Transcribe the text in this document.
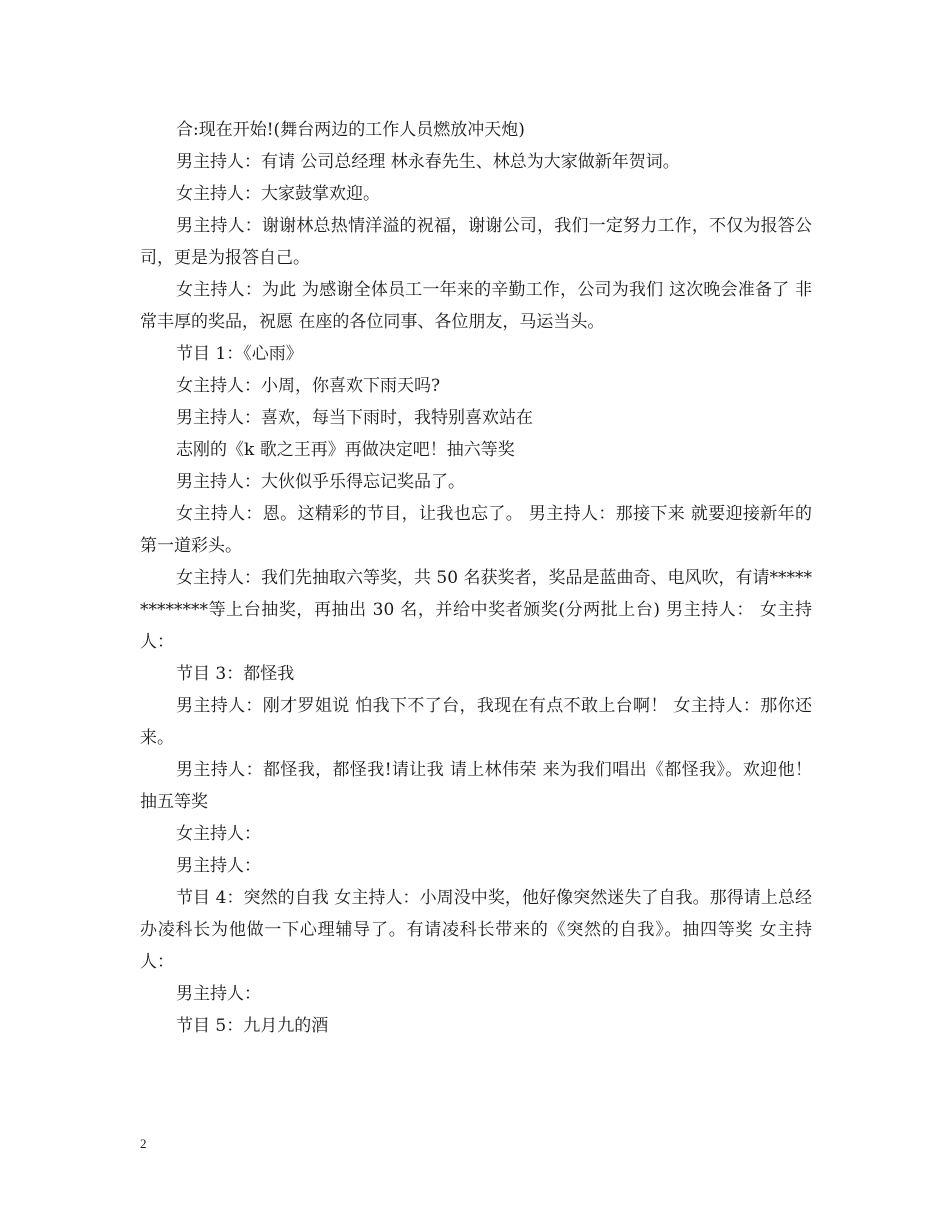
合:现在开始!(舞台两边的工作人员燃放冲天炮)

男主持人：有请 公司总经理 林永春先生、林总为大家做新年贺词。

女主持人：大家鼓掌欢迎。

男主持人：谢谢林总热情洋溢的祝福，谢谢公司，我们一定努力工作，不仅为报答公司，更是为报答自己。

女主持人：为此 为感谢全体员工一年来的辛勤工作，公司为我们 这次晚会准备了 非常丰厚的奖品，祝愿 在座的各位同事、各位朋友，马运当头。

节目 1：《心雨》

女主持人：小周，你喜欢下雨天吗?

男主持人：喜欢，每当下雨时，我特别喜欢站在

志刚的《k 歌之王再》再做决定吧！抽六等奖

男主持人：大伙似乎乐得忘记奖品了。

女主持人：恩。这精彩的节目，让我也忘了。 男主持人：那接下来 就要迎接新年的第一道彩头。

女主持人：我们先抽取六等奖，共 50 名获奖者，奖品是蓝曲奇、电风吹，有请*************等上台抽奖，再抽出 30 名，并给中奖者颁奖(分两批上台) 男主持人： 女主持人：

节目 3：都怪我

男主持人：刚才罗姐说 怕我下不了台，我现在有点不敢上台啊！ 女主持人：那你还来。

男主持人：都怪我，都怪我!请让我 请上林伟荣 来为我们唱出《都怪我》。欢迎他！抽五等奖

女主持人：

男主持人：

节目 4：突然的自我 女主持人：小周没中奖，他好像突然迷失了自我。那得请上总经办凌科长为他做一下心理辅导了。有请凌科长带来的《突然的自我》。抽四等奖 女主持人：

男主持人：

节目 5：九月九的酒

2
